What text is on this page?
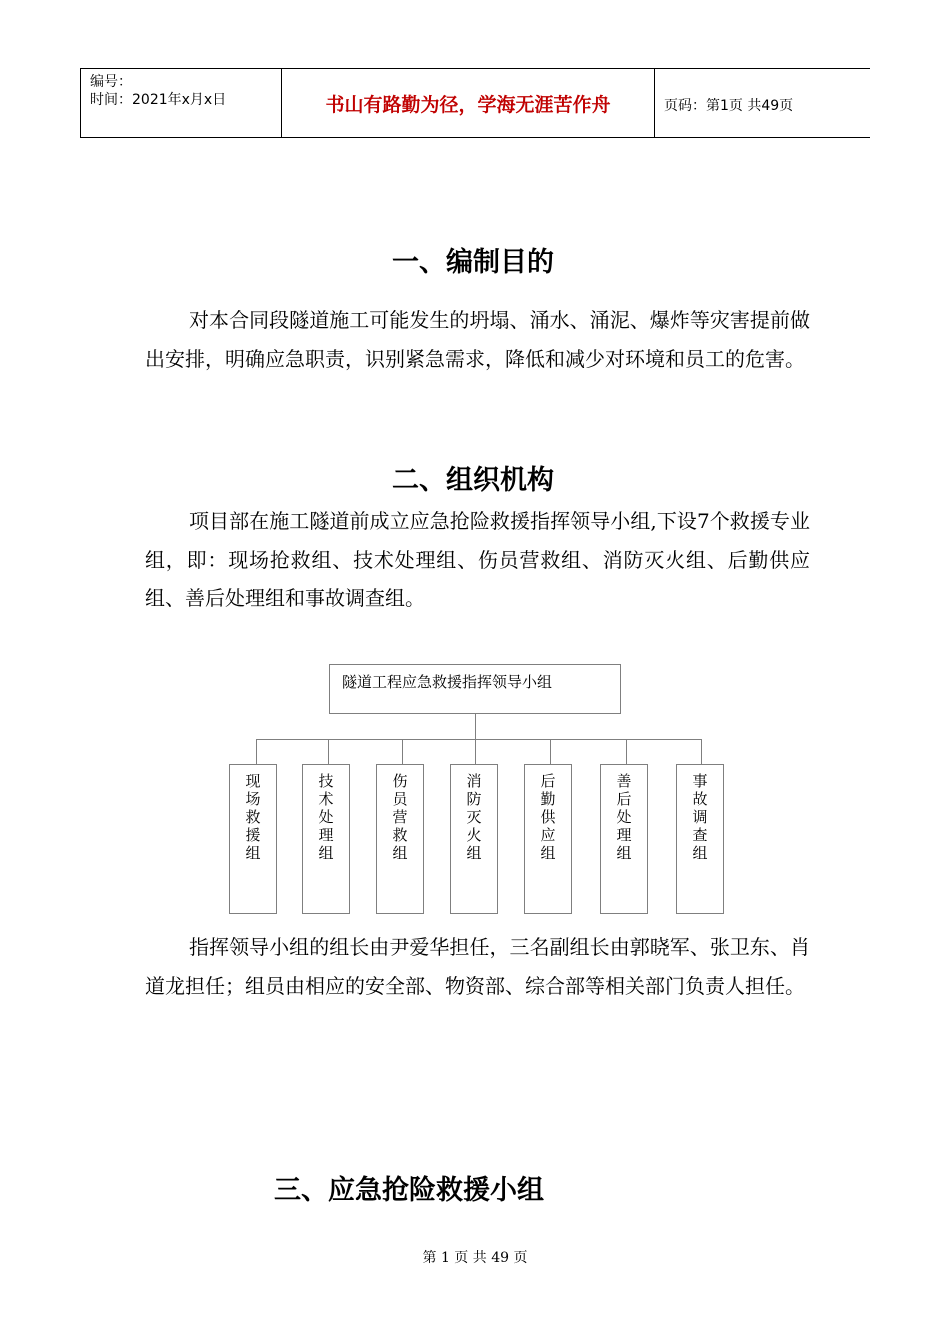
编号：
时间：2021年x月x日	书山有路勤为径，学海无涯苦作舟	页码：第1页 共49页
一、编制目的

对本合同段隧道施工可能发生的坍塌、涌水、涌泥、爆炸等灾害提前做出安排，明确应急职责，识别紧急需求，降低和减少对环境和员工的危害。

二、组织机构

项目部在施工隧道前成立应急抢险救援指挥领导小组,下设7个救援专业组，即：现场抢救组、技术处理组、伤员营救组、消防灭火组、后勤供应组、善后处理组和事故调查组。

隧道工程应急救援指挥领导小组
现场救援组
技术处理组
伤员营救组
消防灭火组
后勤供应组
善后处理组
事故调查组

指挥领导小组的组长由尹爱华担任，三名副组长由郭晓军、张卫东、肖道龙担任；组员由相应的安全部、物资部、综合部等相关部门负责人担任。

三、应急抢险救援小组
第 1 页 共 49 页
